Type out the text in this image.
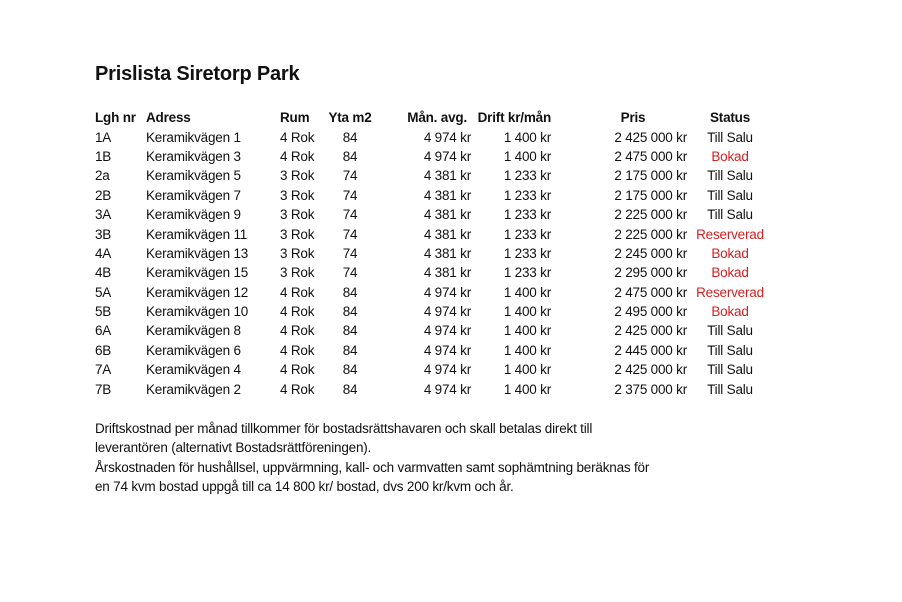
Prislista Siretorp Park
Lgh nr	Adress	Rum	Yta m2	Mån. avg.	Drift kr/mån	Pris	Status
1A	Keramikvägen 1	4 Rok	84	4 974 kr	1 400 kr	2 425 000 kr	Till Salu
1B	Keramikvägen 3	4 Rok	84	4 974 kr	1 400 kr	2 475 000 kr	Bokad
2a	Keramikvägen 5	3 Rok	74	4 381 kr	1 233 kr	2 175 000 kr	Till Salu
2B	Keramikvägen 7	3 Rok	74	4 381 kr	1 233 kr	2 175 000 kr	Till Salu
3A	Keramikvägen 9	3 Rok	74	4 381 kr	1 233 kr	2 225 000 kr	Till Salu
3B	Keramikvägen 11	3 Rok	74	4 381 kr	1 233 kr	2 225 000 kr	Reserverad
4A	Keramikvägen 13	3 Rok	74	4 381 kr	1 233 kr	2 245 000 kr	Bokad
4B	Keramikvägen 15	3 Rok	74	4 381 kr	1 233 kr	2 295 000 kr	Bokad
5A	Keramikvägen 12	4 Rok	84	4 974 kr	1 400 kr	2 475 000 kr	Reserverad
5B	Keramikvägen 10	4 Rok	84	4 974 kr	1 400 kr	2 495 000 kr	Bokad
6A	Keramikvägen 8	4 Rok	84	4 974 kr	1 400 kr	2 425 000 kr	Till Salu
6B	Keramikvägen 6	4 Rok	84	4 974 kr	1 400 kr	2 445 000 kr	Till Salu
7A	Keramikvägen 4	4 Rok	84	4 974 kr	1 400 kr	2 425 000 kr	Till Salu
7B	Keramikvägen 2	4 Rok	84	4 974 kr	1 400 kr	2 375 000 kr	Till Salu

Driftskostnad per månad tillkommer för bostadsrättshavaren och skall betalas direkt till leverantören (alternativt Bostadsrättföreningen).

Årskostnaden för hushållsel, uppvärmning, kall- och varmvatten samt sophämtning beräknas för en 74 kvm bostad uppgå till ca 14 800 kr/ bostad, dvs 200 kr/kvm och år.
